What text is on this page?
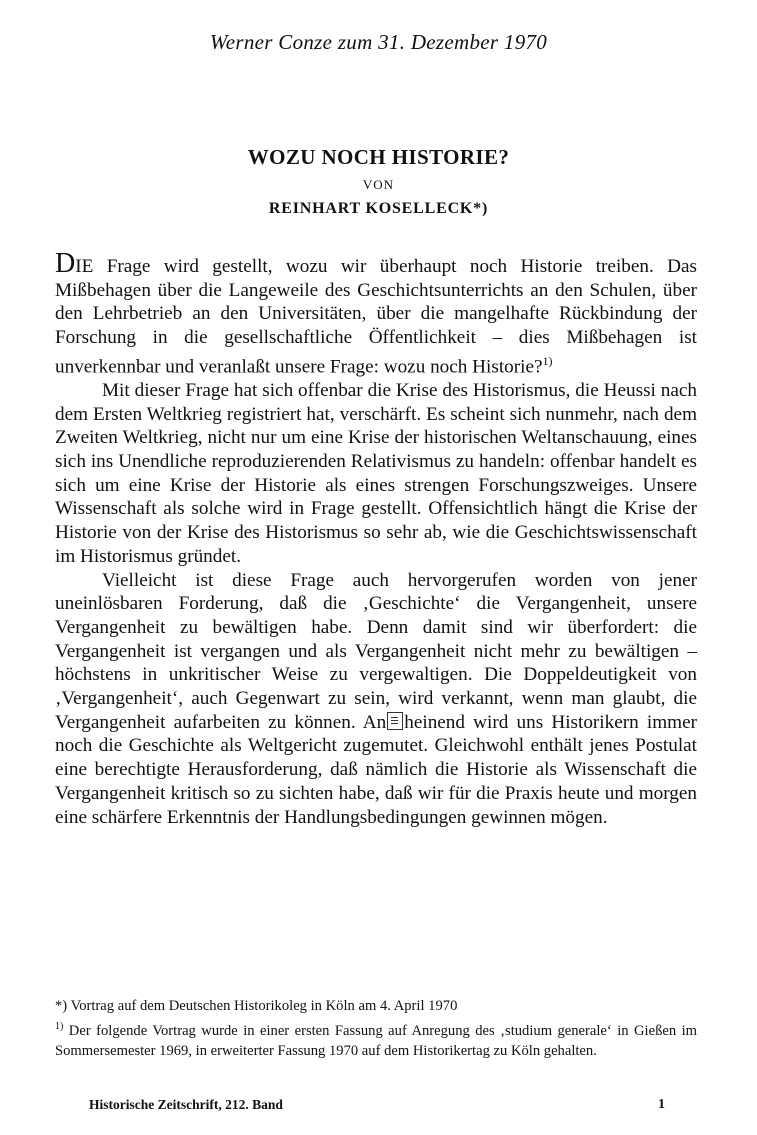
Werner Conze zum 31. Dezember 1970
WOZU NOCH HISTORIE?
VON
REINHART KOSELLECK*)

DIE Frage wird gestellt, wozu wir überhaupt noch Historie treiben. Das Mißbehagen über die Langeweile des Geschichtsunterrichts an den Schulen, über den Lehrbetrieb an den Universitäten, über die mangelhafte Rückbindung der Forschung in die gesellschaftliche Öffentlichkeit – dies Mißbehagen ist unverkennbar und veranlaßt unsere Frage: wozu noch Historie?$^{1)}$

Mit dieser Frage hat sich offenbar die Krise des Historismus, die Heussi nach dem Ersten Weltkrieg registriert hat, verschärft. Es scheint sich nunmehr, nach dem Zweiten Weltkrieg, nicht nur um eine Krise der historischen Weltanschauung, eines sich ins Unendliche reproduzierenden Relativismus zu handeln: offenbar handelt es sich um eine Krise der Historie als eines strengen Forschungszweiges. Unsere Wissenschaft als solche wird in Frage gestellt. Offensichtlich hängt die Krise der Historie von der Krise des Historismus so sehr ab, wie die Geschichtswissenschaft im Historismus gründet.

Vielleicht ist diese Frage auch hervorgerufen worden von jener uneinlösbaren Forderung, daß die ‚Geschichte‘ die Vergangenheit, unsere Vergangenheit zu bewältigen habe. Denn damit sind wir überfordert: die Vergangenheit ist vergangen und als Vergangenheit nicht mehr zu bewältigen – höchstens in unkritischer Weise zu vergewaltigen. Die Doppeldeutigkeit von ‚Vergangenheit‘, auch Gegenwart zu sein, wird verkannt, wenn man glaubt, die Vergangenheit aufarbeiten zu können. An heinend wird uns Historikern immer noch die Geschichte als Weltgericht zugemutet. Gleichwohl enthält jenes Postulat eine berechtigte Herausforderung, daß nämlich die Historie als Wissenschaft die Vergangenheit kritisch so zu sichten habe, daß wir für die Praxis heute und morgen eine schärfere Erkenntnis der Handlungsbedingungen gewinnen mögen.

*) Vortrag auf dem Deutschen Historikoleg in Köln am 4. April 1970

$^{1)}$ Der folgende Vortrag wurde in einer ersten Fassung auf Anregung des ‚studium generale‘ in Gießen im Sommersemester 1969, in erweiterter Fassung 1970 auf dem Historikertag zu Köln gehalten.

Historische Zeitschrift, 212. Band	1
